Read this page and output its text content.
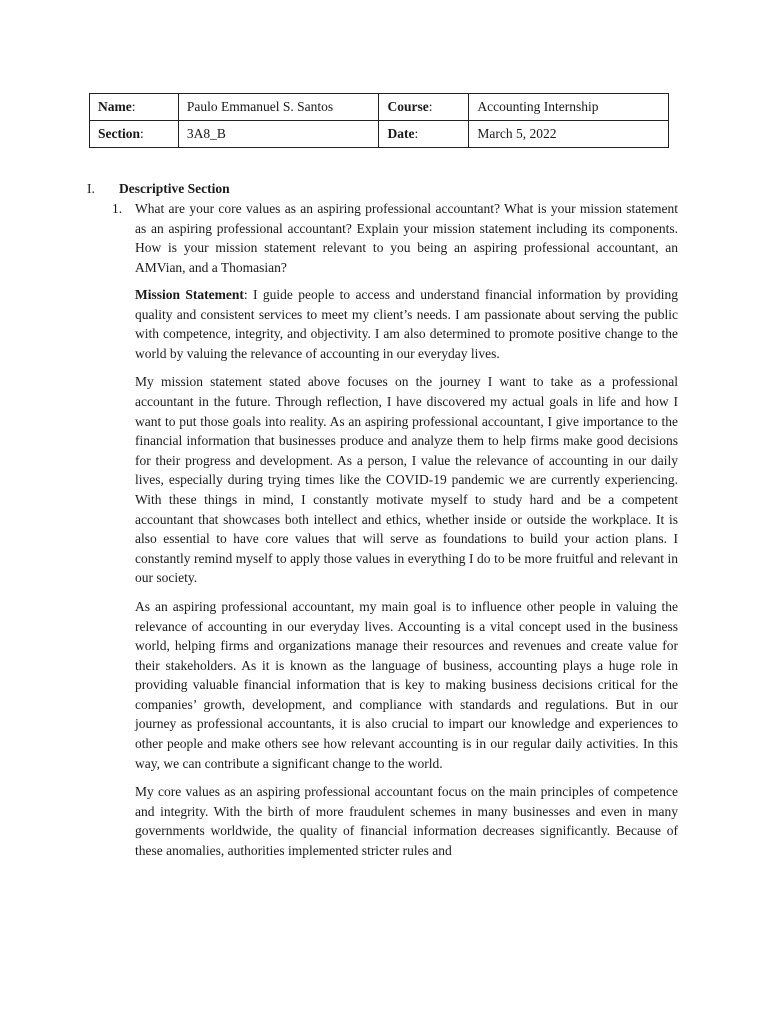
Name:	Paulo Emmanuel S. Santos	Course:	Accounting Internship
Section:	3A8_B	Date:	March 5, 2022
I. Descriptive Section
1. What are your core values as an aspiring professional accountant? What is your mission statement as an aspiring professional accountant? Explain your mission statement including its components. How is your mission statement relevant to you being an aspiring professional accountant, an AMVian, and a Thomasian?

Mission Statement: I guide people to access and understand financial information by providing quality and consistent services to meet my client’s needs. I am passionate about serving the public with competence, integrity, and objectivity. I am also determined to promote positive change to the world by valuing the relevance of accounting in our everyday lives.

My mission statement stated above focuses on the journey I want to take as a professional accountant in the future. Through reflection, I have discovered my actual goals in life and how I want to put those goals into reality. As an aspiring professional accountant, I give importance to the financial information that businesses produce and analyze them to help firms make good decisions for their progress and development. As a person, I value the relevance of accounting in our daily lives, especially during trying times like the COVID-19 pandemic we are currently experiencing. With these things in mind, I constantly motivate myself to study hard and be a competent accountant that showcases both intellect and ethics, whether inside or outside the workplace. It is also essential to have core values that will serve as foundations to build your action plans. I constantly remind myself to apply those values in everything I do to be more fruitful and relevant in our society.

As an aspiring professional accountant, my main goal is to influence other people in valuing the relevance of accounting in our everyday lives. Accounting is a vital concept used in the business world, helping firms and organizations manage their resources and revenues and create value for their stakeholders. As it is known as the language of business, accounting plays a huge role in providing valuable financial information that is key to making business decisions critical for the companies’ growth, development, and compliance with standards and regulations. But in our journey as professional accountants, it is also crucial to impart our knowledge and experiences to other people and make others see how relevant accounting is in our regular daily activities. In this way, we can contribute a significant change to the world.

My core values as an aspiring professional accountant focus on the main principles of competence and integrity. With the birth of more fraudulent schemes in many businesses and even in many governments worldwide, the quality of financial information decreases significantly. Because of these anomalies, authorities implemented stricter rules and
